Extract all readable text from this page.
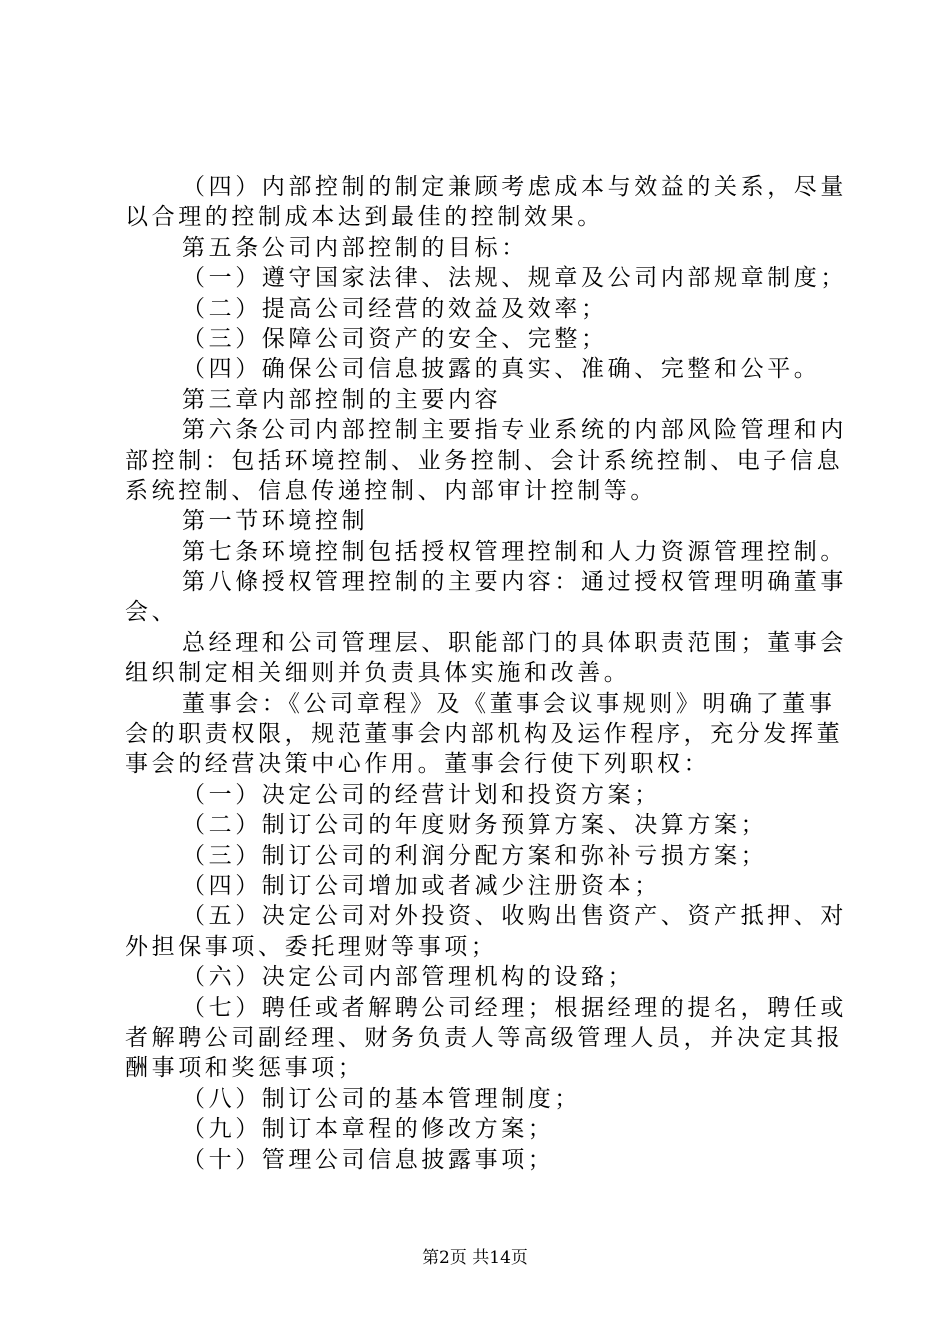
（四）内部控制的制定兼顾考虑成本与效益的关系，尽量
以合理的控制成本达到最佳的控制效果。
第五条公司内部控制的目标：
（一）遵守国家法律、法规、规章及公司内部规章制度；
（二）提高公司经营的效益及效率；
（三）保障公司资产的安全、完整；
（四）确保公司信息披露的真实、准确、完整和公平。
第三章内部控制的主要内容
第六条公司内部控制主要指专业系统的内部风险管理和内
部控制：包括环境控制、业务控制、会计系统控制、电子信息
系统控制、信息传递控制、内部审计控制等。
第一节环境控制
第七条环境控制包括授权管理控制和人力资源管理控制。
第八條授权管理控制的主要内容：通过授权管理明确董事
会、
总经理和公司管理层、职能部门的具体职责范围；董事会
组织制定相关细则并负责具体实施和改善。
董事会：《公司章程》及《董事会议事规则》明确了董事
会的职责权限，规范董事会内部机构及运作程序，充分发挥董
事会的经营决策中心作用。董事会行使下列职权：
（一）决定公司的经营计划和投资方案；
（二）制订公司的年度财务预算方案、决算方案；
（三）制订公司的利润分配方案和弥补亏损方案；
（四）制订公司增加或者减少注册资本；
（五）决定公司对外投资、收购出售资产、资产抵押、对
外担保事项、委托理财等事项；
（六）决定公司内部管理机构的设臵；
（七）聘任或者解聘公司经理；根据经理的提名，聘任或
者解聘公司副经理、财务负责人等高级管理人员，并决定其报
酬事项和奖惩事项；
（八）制订公司的基本管理制度；
（九）制订本章程的修改方案；
（十）管理公司信息披露事项；
第2页 共14页
